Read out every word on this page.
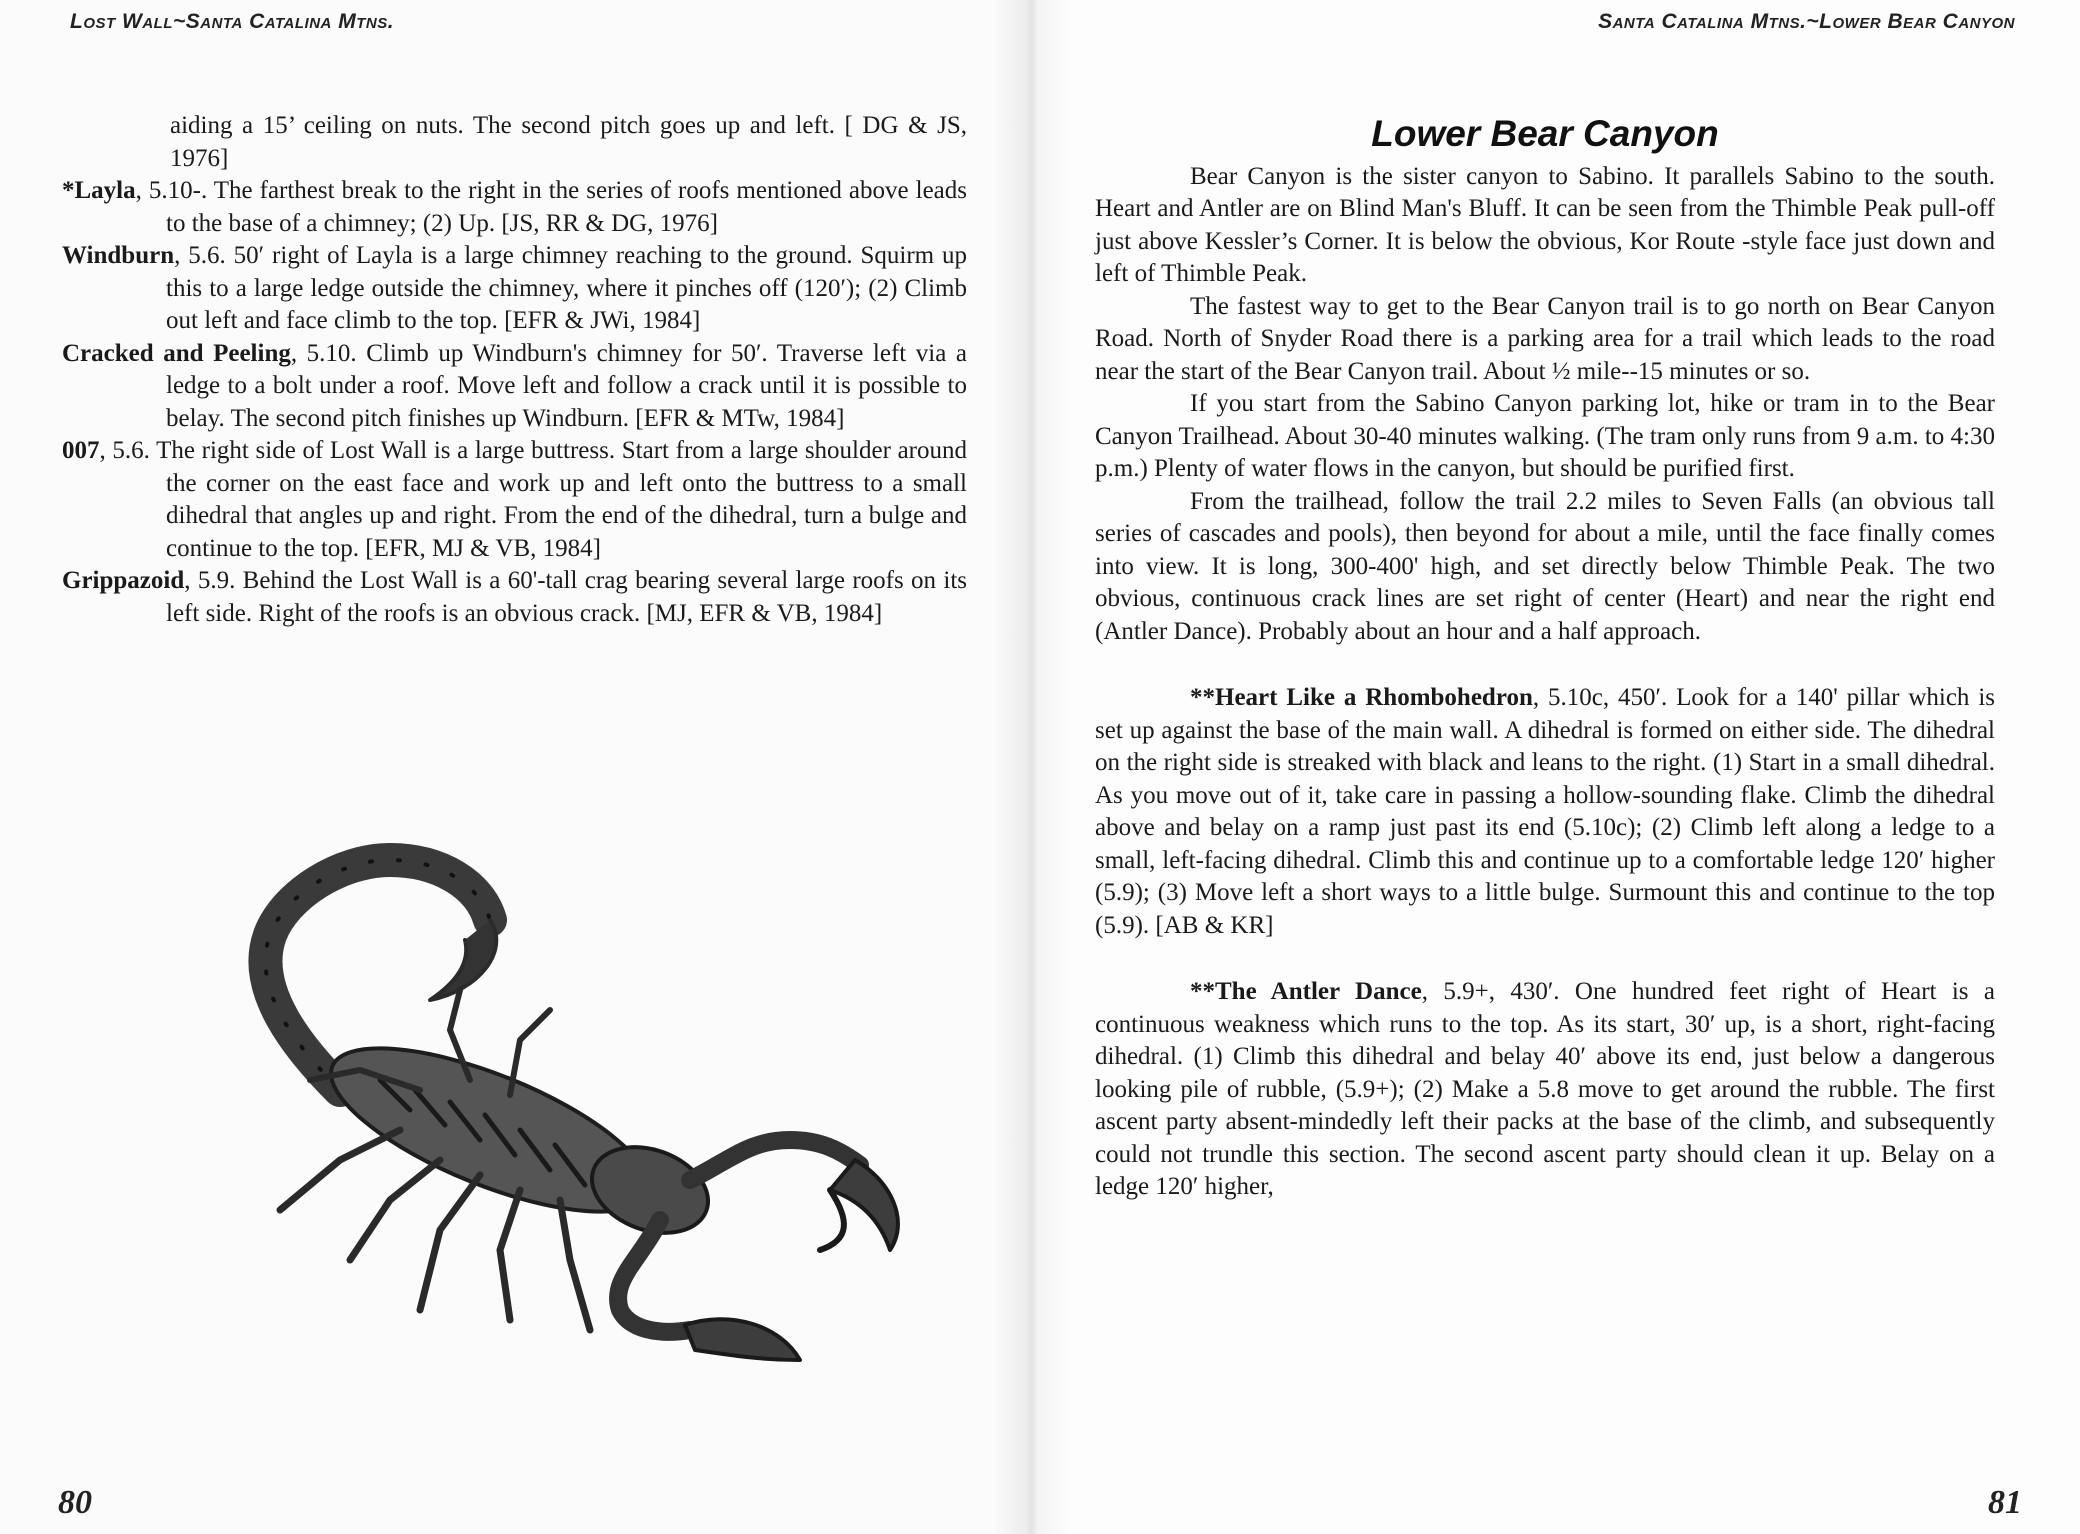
Lost Wall~Santa Catalina Mtns.

aiding a 15’ ceiling on nuts. The second pitch goes up and left. [ DG & JS, 1976]

*Layla, 5.10-. The farthest break to the right in the series of roofs mentioned above leads to the base of a chimney; (2) Up. [JS, RR & DG, 1976]

Windburn, 5.6. 50′ right of Layla is a large chimney reaching to the ground. Squirm up this to a large ledge outside the chimney, where it pinches off (120′); (2) Climb out left and face climb to the top. [EFR & JWi, 1984]

Cracked and Peeling, 5.10. Climb up Windburn's chimney for 50′. Traverse left via a ledge to a bolt under a roof. Move left and follow a crack until it is possible to belay. The second pitch finishes up Windburn. [EFR & MTw, 1984]

007, 5.6. The right side of Lost Wall is a large buttress. Start from a large shoulder around the corner on the east face and work up and left onto the buttress to a small dihedral that angles up and right. From the end of the dihedral, turn a bulge and continue to the top. [EFR, MJ & VB, 1984]

Grippazoid, 5.9. Behind the Lost Wall is a 60'-tall crag bearing several large roofs on its left side. Right of the roofs is an obvious crack. [MJ, EFR & VB, 1984]

80
Santa Catalina Mtns.~Lower Bear Canyon
Lower Bear Canyon

Bear Canyon is the sister canyon to Sabino. It parallels Sabino to the south. Heart and Antler are on Blind Man's Bluff. It can be seen from the Thimble Peak pull-off just above Kessler’s Corner. It is below the obvious, Kor Route -style face just down and left of Thimble Peak.

The fastest way to get to the Bear Canyon trail is to go north on Bear Canyon Road. North of Snyder Road there is a parking area for a trail which leads to the road near the start of the Bear Canyon trail. About ½ mile--15 minutes or so.

If you start from the Sabino Canyon parking lot, hike or tram in to the Bear Canyon Trailhead. About 30-40 minutes walking. (The tram only runs from 9 a.m. to 4:30 p.m.) Plenty of water flows in the canyon, but should be purified first.

From the trailhead, follow the trail 2.2 miles to Seven Falls (an obvious tall series of cascades and pools), then beyond for about a mile, until the face finally comes into view. It is long, 300-400' high, and set directly below Thimble Peak. The two obvious, continuous crack lines are set right of center (Heart) and near the right end (Antler Dance). Probably about an hour and a half approach.

**Heart Like a Rhombohedron, 5.10c, 450′. Look for a 140' pillar which is set up against the base of the main wall. A dihedral is formed on either side. The dihedral on the right side is streaked with black and leans to the right. (1) Start in a small dihedral. As you move out of it, take care in passing a hollow-sounding flake. Climb the dihedral above and belay on a ramp just past its end (5.10c); (2) Climb left along a ledge to a small, left-facing dihedral. Climb this and continue up to a comfortable ledge 120′ higher (5.9); (3) Move left a short ways to a little bulge. Surmount this and continue to the top (5.9). [AB & KR]

**The Antler Dance, 5.9+, 430′. One hundred feet right of Heart is a continuous weakness which runs to the top. As its start, 30′ up, is a short, right-facing dihedral. (1) Climb this dihedral and belay 40′ above its end, just below a dangerous looking pile of rubble, (5.9+); (2) Make a 5.8 move to get around the rubble. The first ascent party absent-mindedly left their packs at the base of the climb, and subsequently could not trundle this section. The second ascent party should clean it up. Belay on a ledge 120′ higher,

81
